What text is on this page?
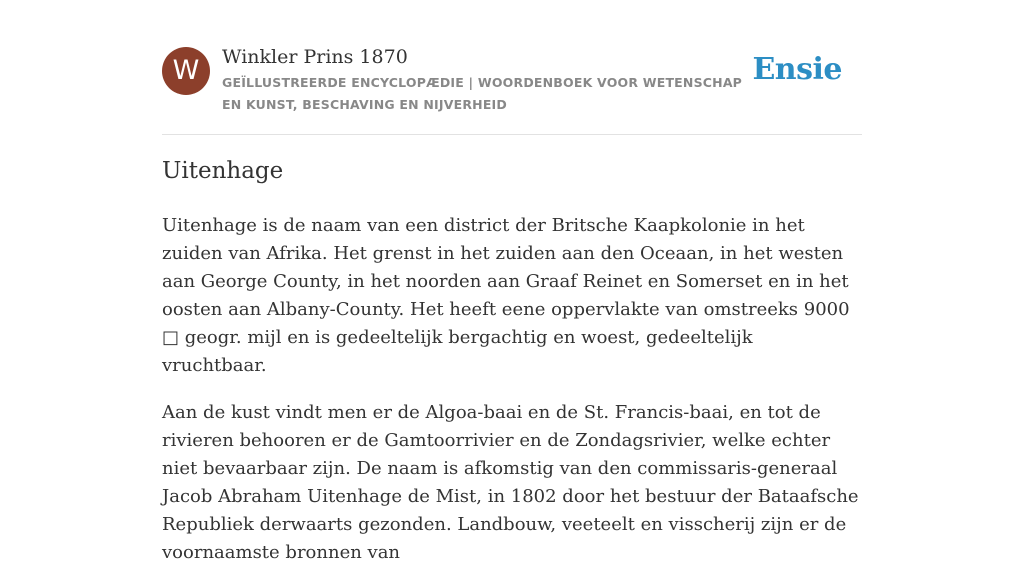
W	Winkler Prins 1870
GEÏLLUSTREERDE ENCYCLOPÆDIE | WOORDENBOEK VOOR WETENSCHAP EN KUNST, BESCHAVING EN NIJVERHEID
Ensie
Uitenhage

Uitenhage is de naam van een district der Britsche Kaapkolonie in het zuiden van Afrika. Het grenst in het zuiden aan den Oceaan, in het westen aan George County, in het noorden aan Graaf Reinet en Somerset en in het oosten aan Albany-County. Het heeft eene oppervlakte van omstreeks 9000 □ geogr. mijl en is gedeeltelijk bergachtig en woest, gedeeltelijk vruchtbaar.

Aan de kust vindt men er de Algoa-baai en de St. Francis-baai, en tot de rivieren behooren er de Gamtoorrivier en de Zondagsrivier, welke echter niet bevaarbaar zijn. De naam is afkomstig van den commissaris-generaal Jacob Abraham Uitenhage de Mist, in 1802 door het bestuur der Bataafsche Republiek derwaarts gezonden. Landbouw, veeteelt en visscherij zijn er de voornaamste bronnen van
